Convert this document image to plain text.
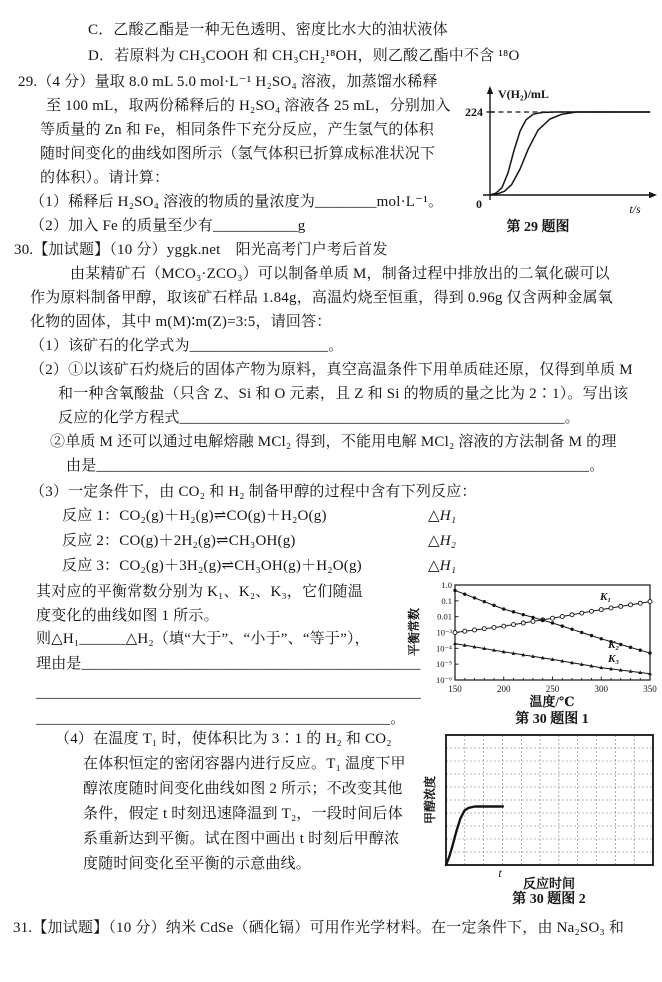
C．乙酸乙酯是一种无色透明、密度比水大的油状液体
D．若原料为 CH₃COOH 和 CH₃CH₂¹⁸OH，则乙酸乙酯中不含 ¹⁸O
29.（4 分）量取 8.0 mL 5.0 mol·L⁻¹ H₂SO₄ 溶液，加蒸馏水稀释
至 100 mL，取两份稀释后的 H₂SO₄ 溶液各 25 mL，分别加入
等质量的 Zn 和 Fe，相同条件下充分反应，产生氢气的体积
随时间变化的曲线如图所示（氢气体积已折算成标准状况下
的体积）。请计算：
（1）稀释后 H₂SO₄ 溶液的物质的量浓度为________mol·L⁻¹。
（2）加入 Fe 的质量至少有___________g
V(H₂)/mL
224
0	t/s
第 29 题图
30.【加试题】（10 分）yggk.net　阳光高考门户考后首发
由某精矿石（MCO₃·ZCO₃）可以制备单质 M，制备过程中排放出的二氧化碳可以
作为原料制备甲醇，取该矿石样品 1.84g，高温灼烧至恒重，得到 0.96g 仅含两种金属氧
化物的固体，其中 m(M)∶m(Z)=3:5，请回答：
（1）该矿石的化学式为__________________。
（2）①以该矿石灼烧后的固体产物为原料，真空高温条件下用单质硅还原，仅得到单质 M
和一种含氧酸盐（只含 Z、Si 和 O 元素，且 Z 和 Si 的物质的量之比为 2∶1）。写出该
反应的化学方程式__________________________________________________。
②单质 M 还可以通过电解熔融 MCl₂ 得到，不能用电解 MCl₂ 溶液的方法制备 M 的理
由是________________________________________________________________。
（3）一定条件下，由 CO₂ 和 H₂ 制备甲醇的过程中含有下列反应：
反应 1：CO₂(g)＋H₂(g)⇌CO(g)＋H₂O(g)	△H₁
反应 2：CO(g)＋2H₂(g)⇌CH₃OH(g)	△H₂
反应 3：CO₂(g)＋3H₂(g)⇌CH₃OH(g)＋H₂O(g)	△H₁
其对应的平衡常数分别为 K₁、K₂、K₃，它们随温
度变化的曲线如图 1 所示。
则△H₁______△H₂（填“大于”、“小于”、“等于”），
理由是____________________________________________
__________________________________________________
______________________________________________。
1.0
0.1
0.01
10⁻³
10⁻⁴
10⁻⁵
10⁻⁶
150	200	250	300	350
平衡常数
温度/℃
K₁
K₂
K₃
第 30 题图 1
（4）在温度 T₁ 时，使体积比为 3∶1 的 H₂ 和 CO₂
在体积恒定的密闭容器内进行反应。T₁ 温度下甲
醇浓度随时间变化曲线如图 2 所示；不改变其他
条件，假定 t 时刻迅速降温到 T₂，一段时间后体
系重新达到平衡。试在图中画出 t 时刻后甲醇浓
度随时间变化至平衡的示意曲线。
甲醇浓度
t
反应时间
第 30 题图 2
31.【加试题】（10 分）纳米 CdSe（硒化镉）可用作光学材料。在一定条件下，由 Na₂SO₃ 和
